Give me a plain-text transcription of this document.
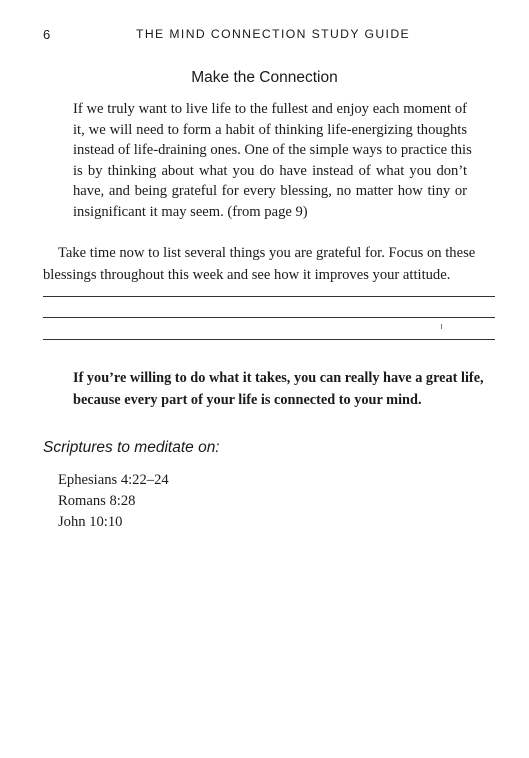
6	THE MIND CONNECTION STUDY GUIDE
Make the Connection
If we truly want to live life to the fullest and enjoy each moment of
it, we will need to form a habit of thinking life-energizing thoughts
instead of life-draining ones. One of the simple ways to practice this
is by thinking about what you do have instead of what you don’t
have, and being grateful for every blessing, no matter how tiny or
insignificant it may seem. (from page 9)
Take time now to list several things you are grateful for. Focus on these
blessings throughout this week and see how it improves your attitude.
If you’re willing to do what it takes, you can really have a great life,
because every part of your life is connected to your mind.
Scriptures to meditate on:
Ephesians 4:22–24
Romans 8:28
John 10:10
